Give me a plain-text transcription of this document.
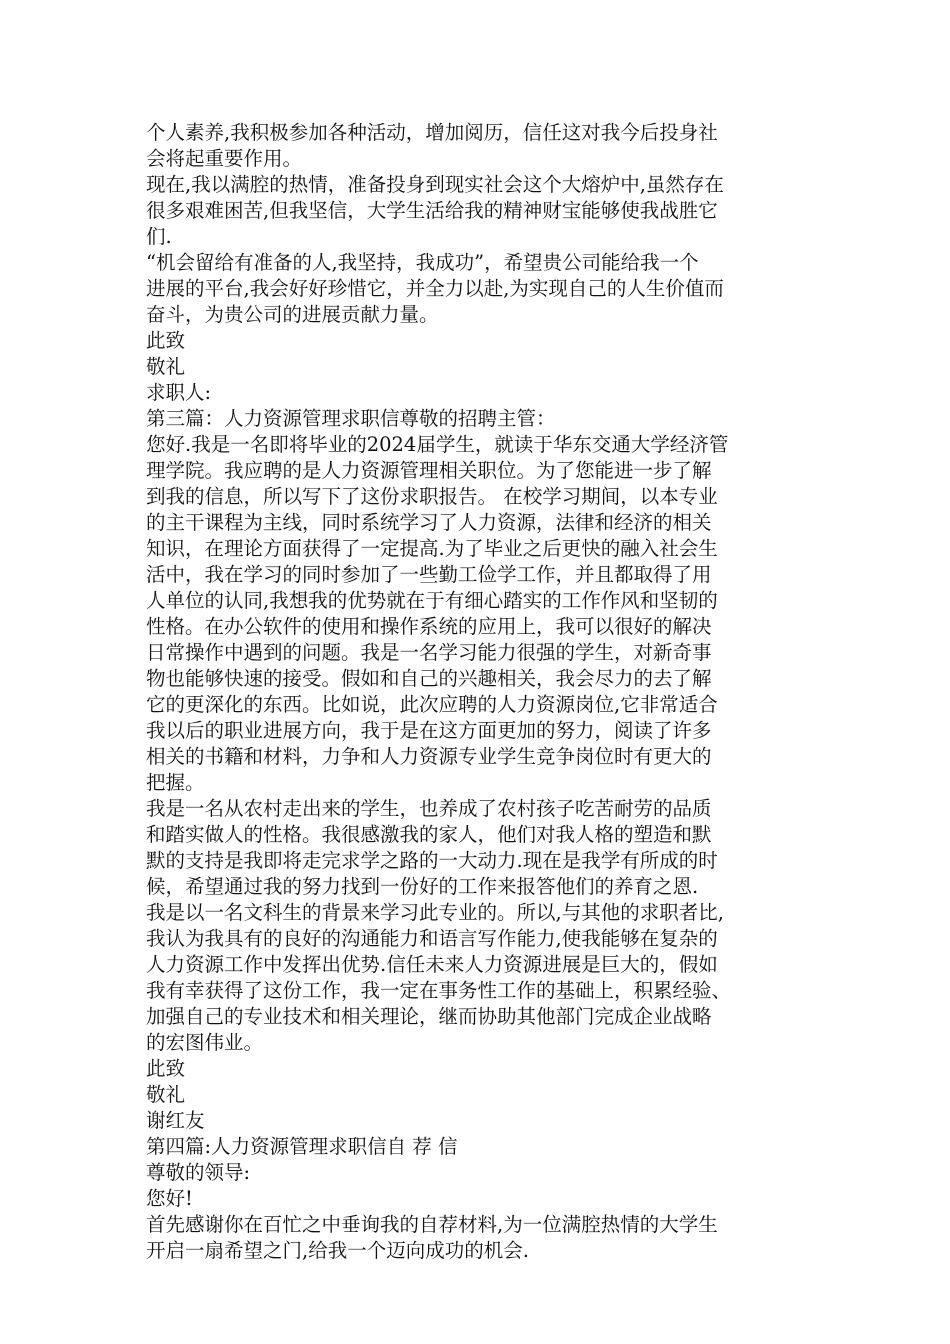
个人素养,我积极参加各种活动，增加阅历，信任这对我今后投身社
会将起重要作用。
现在,我以满腔的热情，准备投身到现实社会这个大熔炉中,虽然存在
很多艰难困苦,但我坚信，大学生活给我的精神财宝能够使我战胜它
们.
“机会留给有准备的人,我坚持，我成功”，希望贵公司能给我一个
进展的平台,我会好好珍惜它，并全力以赴,为实现自己的人生价值而
奋斗，为贵公司的进展贡献力量。
此致
敬礼
求职人:
第三篇：人力资源管理求职信尊敬的招聘主管：
您好.我是一名即将毕业的2024届学生，就读于华东交通大学经济管
理学院。我应聘的是人力资源管理相关职位。为了您能进一步了解
到我的信息，所以写下了这份求职报告。 在校学习期间，以本专业
的主干课程为主线，同时系统学习了人力资源，法律和经济的相关
知识，在理论方面获得了一定提高.为了毕业之后更快的融入社会生
活中，我在学习的同时参加了一些勤工俭学工作，并且都取得了用
人单位的认同,我想我的优势就在于有细心踏实的工作作风和坚韧的
性格。在办公软件的使用和操作系统的应用上，我可以很好的解决
日常操作中遇到的问题。我是一名学习能力很强的学生，对新奇事
物也能够快速的接受。假如和自己的兴趣相关，我会尽力的去了解
它的更深化的东西。比如说，此次应聘的人力资源岗位,它非常适合
我以后的职业进展方向，我于是在这方面更加的努力，阅读了许多
相关的书籍和材料，力争和人力资源专业学生竞争岗位时有更大的
把握。
我是一名从农村走出来的学生，也养成了农村孩子吃苦耐劳的品质
和踏实做人的性格。我很感激我的家人，他们对我人格的塑造和默
默的支持是我即将走完求学之路的一大动力.现在是我学有所成的时
候，希望通过我的努力找到一份好的工作来报答他们的养育之恩.
我是以一名文科生的背景来学习此专业的。所以,与其他的求职者比,
我认为我具有的良好的沟通能力和语言写作能力,使我能够在复杂的
人力资源工作中发挥出优势.信任未来人力资源进展是巨大的，假如
我有幸获得了这份工作，我一定在事务性工作的基础上，积累经验、
加强自己的专业技术和相关理论，继而协助其他部门完成企业战略
的宏图伟业。
此致
敬礼
谢红友
第四篇:人力资源管理求职信自 荐 信
尊敬的领导:
您好!
首先感谢你在百忙之中垂询我的自荐材料,为一位满腔热情的大学生
开启一扇希望之门,给我一个迈向成功的机会.
